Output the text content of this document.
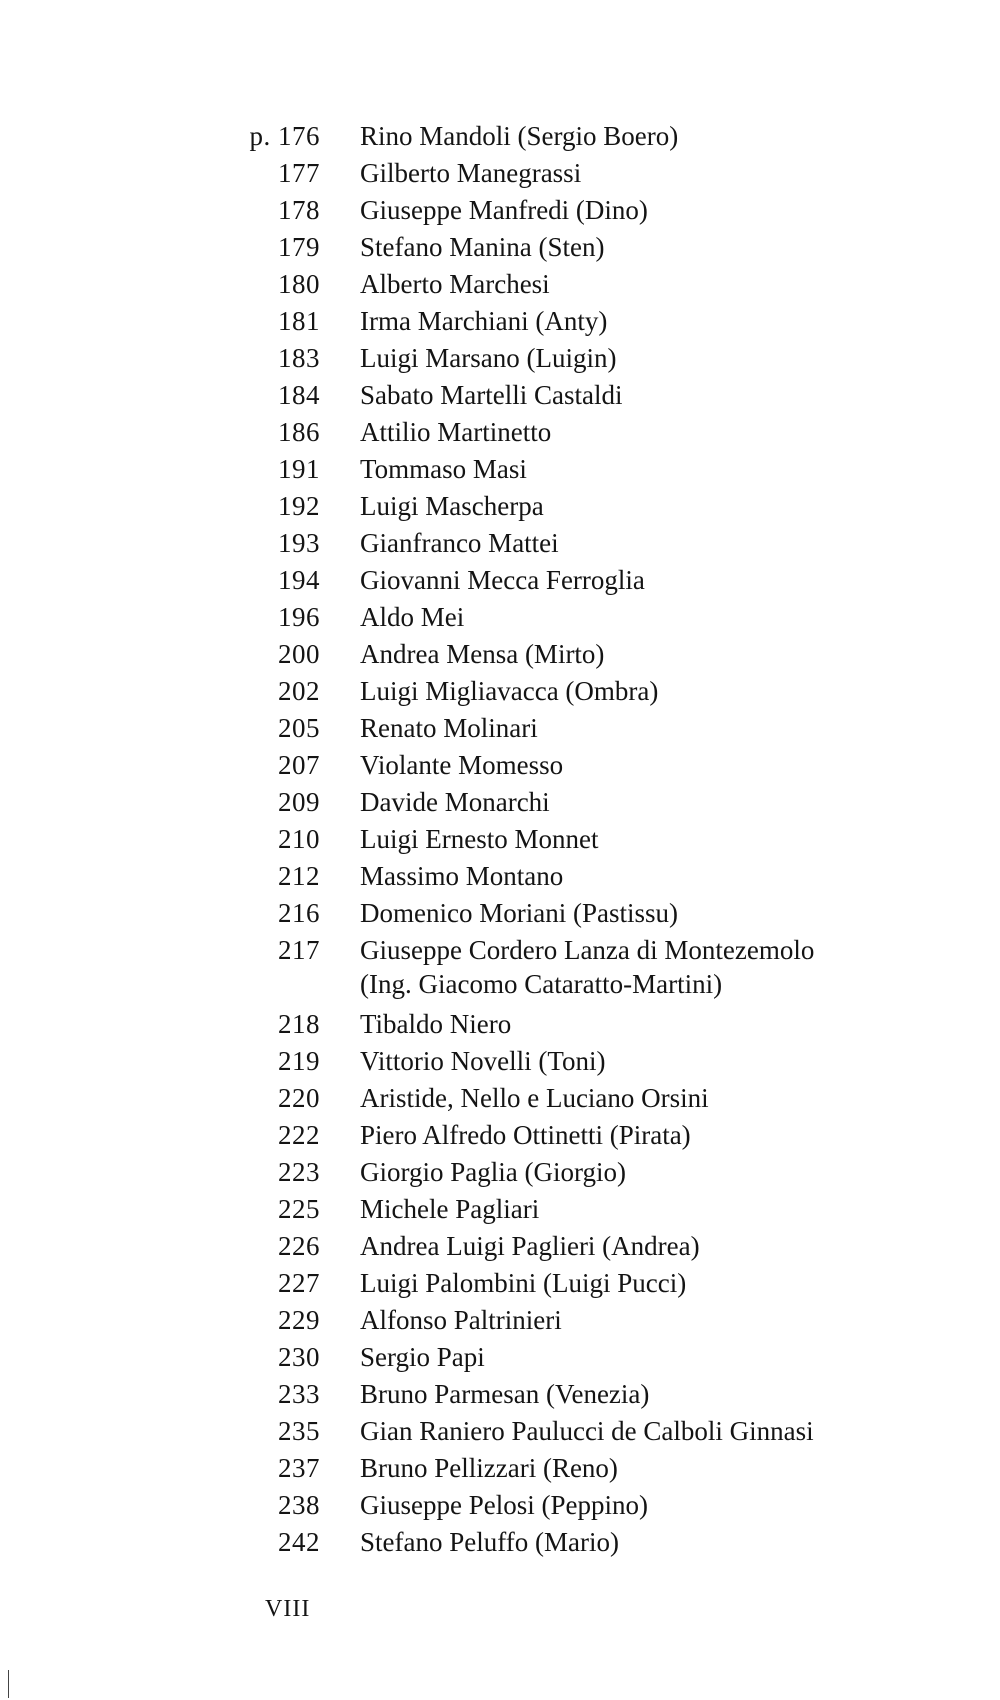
p. 176 Rino Mandoli (Sergio Boero)
177 Gilberto Manegrassi
178 Giuseppe Manfredi (Dino)
179 Stefano Manina (Sten)
180 Alberto Marchesi
181 Irma Marchiani (Anty)
183 Luigi Marsano (Luigin)
184 Sabato Martelli Castaldi
186 Attilio Martinetto
191 Tommaso Masi
192 Luigi Mascherpa
193 Gianfranco Mattei
194 Giovanni Mecca Ferroglia
196 Aldo Mei
200 Andrea Mensa (Mirto)
202 Luigi Migliavacca (Ombra)
205 Renato Molinari
207 Violante Momesso
209 Davide Monarchi
210 Luigi Ernesto Monnet
212 Massimo Montano
216 Domenico Moriani (Pastissu)
217 Giuseppe Cordero Lanza di Montezemolo
(Ing. Giacomo Cataratto-Martini)
218 Tibaldo Niero
219 Vittorio Novelli (Toni)
220 Aristide, Nello e Luciano Orsini
222 Piero Alfredo Ottinetti (Pirata)
223 Giorgio Paglia (Giorgio)
225 Michele Pagliari
226 Andrea Luigi Paglieri (Andrea)
227 Luigi Palombini (Luigi Pucci)
229 Alfonso Paltrinieri
230 Sergio Papi
233 Bruno Parmesan (Venezia)
235 Gian Raniero Paulucci de Calboli Ginnasi
237 Bruno Pellizzari (Reno)
238 Giuseppe Pelosi (Peppino)
242 Stefano Peluffo (Mario)
VIII
